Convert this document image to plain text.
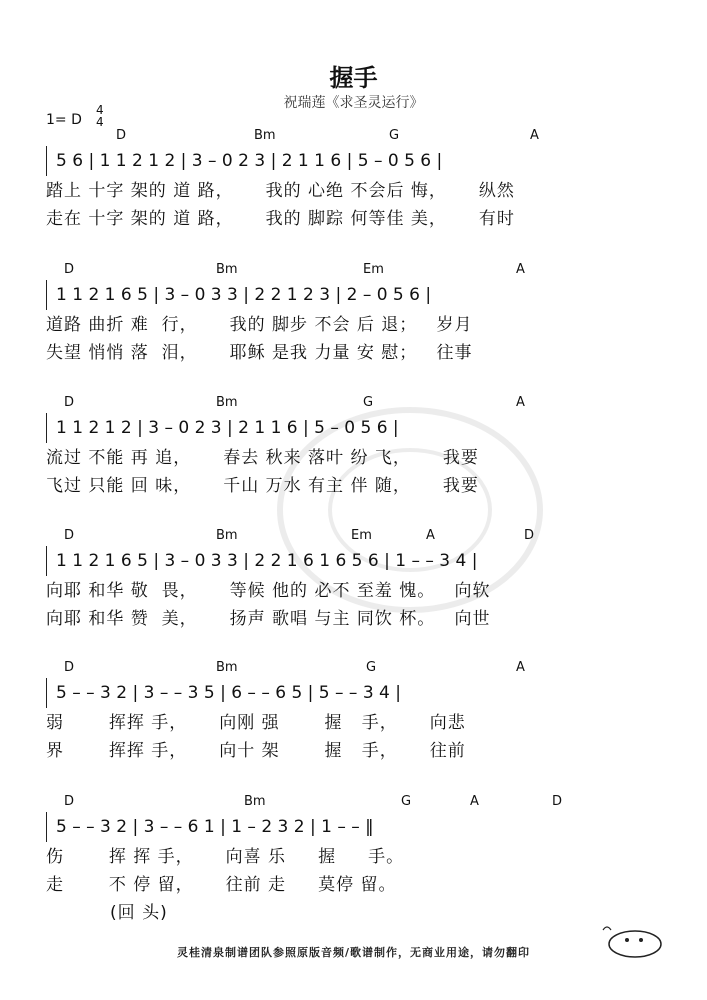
握手
祝瑞莲《求圣灵运行》
1= D
4
4
D	Bm	G	A
5 6 | 1 1 2 1 2 | 3 – 0 2 3 | 2 1 1 6 | 5 – 0 5 6 |
踏上 十字 架的 道 路，     我的 心绝 不会后 悔，     纵然
走在 十字 架的 道 路，     我的 脚踪 何等佳 美，     有时
D	Bm	Em	A
1 1 2 1 6 5 | 3 – 0 3 3 | 2 2 1 2 3 | 2 – 0 5 6 |
道路 曲折 难  行，     我的 脚步 不会 后 退；   岁月
失望 悄悄 落  泪，     耶稣 是我 力量 安 慰；   往事
D	Bm	G	A
1 1 2 1 2 | 3 – 0 2 3 | 2 1 1 6 | 5 – 0 5 6 |
流过 不能 再 追，     春去 秋来 落叶 纷 飞，     我要
飞过 只能 回 味，     千山 万水 有主 伴 随，     我要
D	Bm	Em	A	D
1 1 2 1 6 5 | 3 – 0 3 3 | 2 2 1 6 1 6 5 6 | 1 – – 3 4 |
向耶 和华 敬  畏，     等候 他的 必不 至羞 愧。   向软
向耶 和华 赞  美，     扬声 歌唱 与主 同饮 杯。   向世
D	Bm	G	A
5 – – 3 2 | 3 – – 3 5 | 6 – – 6 5 | 5 – – 3 4 |
弱       挥挥 手，     向刚 强       握   手，     向悲
界       挥挥 手，     向十 架       握   手，     往前
D	Bm	G	A	D
5 – – 3 2 | 3 – – 6 1 | 1 – 2 3 2 | 1 – – ‖
伤       挥 挥 手，     向喜 乐     握     手。
走       不 停 留，     往前 走     莫停 留。
(回 头)
灵桂清泉制谱团队参照原版音频/歌谱制作，无商业用途，请勿翻印
